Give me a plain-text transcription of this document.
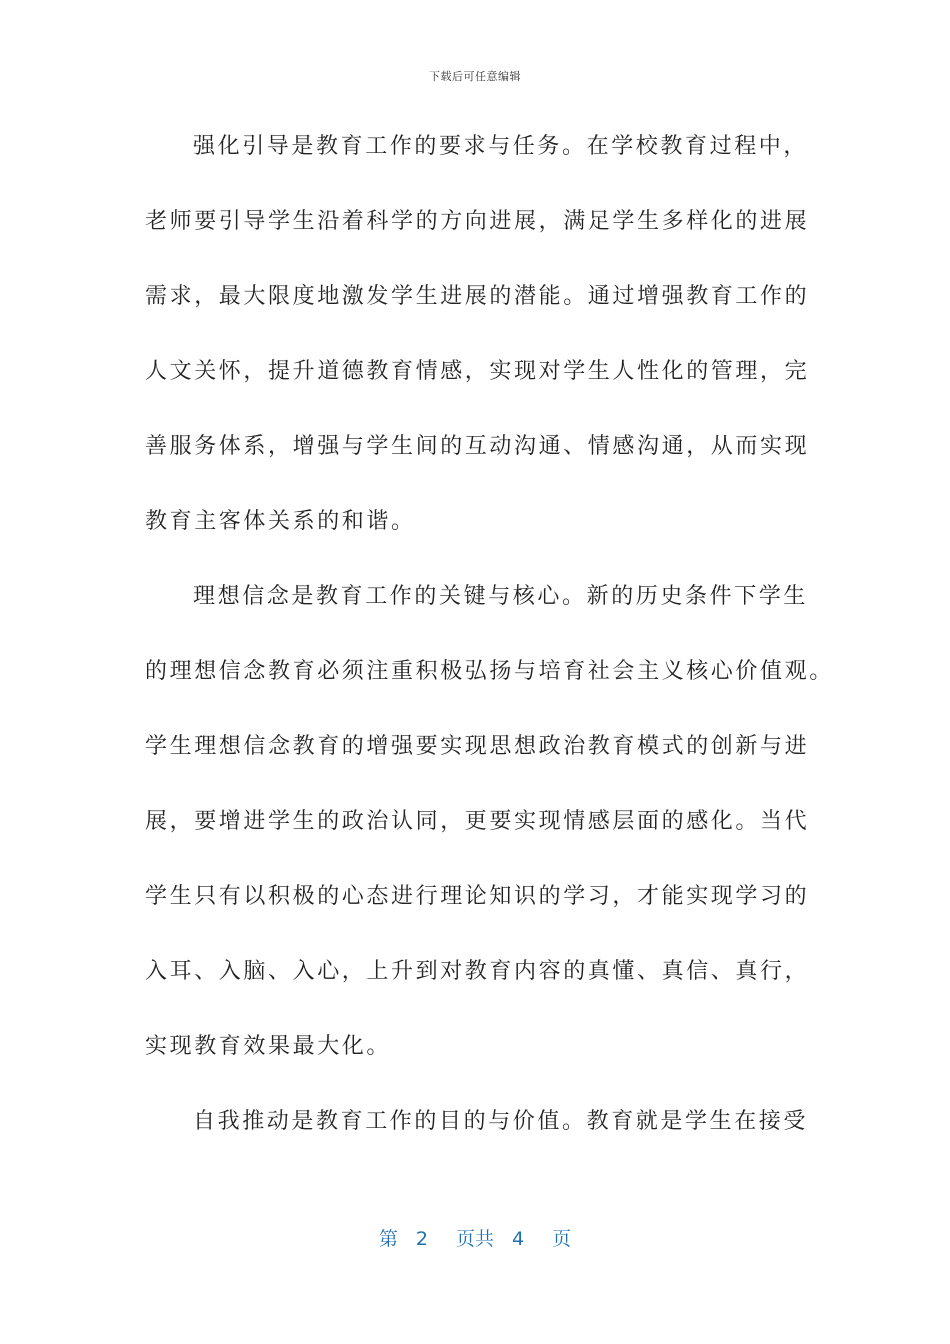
下载后可任意编辑
强化引导是教育工作的要求与任务。在学校教育过程中，
老师要引导学生沿着科学的方向进展，满足学生多样化的进展
需求，最大限度地激发学生进展的潜能。通过增强教育工作的
人文关怀，提升道德教育情感，实现对学生人性化的管理，完
善服务体系，增强与学生间的互动沟通、情感沟通，从而实现
教育主客体关系的和谐。
理想信念是教育工作的关键与核心。新的历史条件下学生
的理想信念教育必须注重积极弘扬与培育社会主义核心价值观。
学生理想信念教育的增强要实现思想政治教育模式的创新与进
展，要增进学生的政治认同，更要实现情感层面的感化。当代
学生只有以积极的心态进行理论知识的学习，才能实现学习的
入耳、入脑、入心，上升到对教育内容的真懂、真信、真行，
实现教育效果最大化。
自我推动是教育工作的目的与价值。教育就是学生在接受
第 2 页共 4 页
